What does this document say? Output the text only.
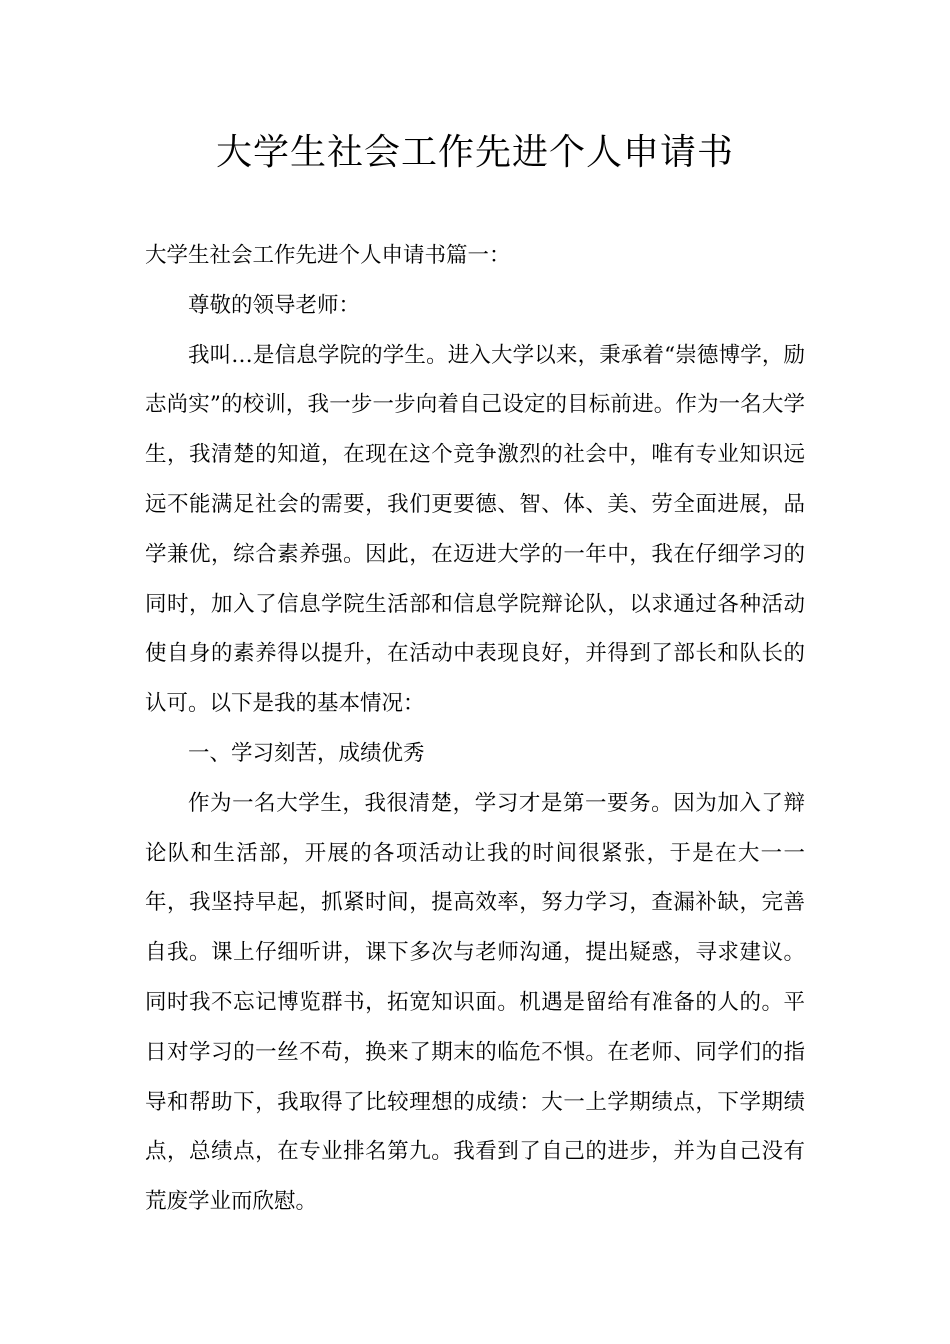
大学生社会工作先进个人申请书

大学生社会工作先进个人申请书篇一：

尊敬的领导老师：

我叫…是信息学院的学生。进入大学以来，秉承着“崇德博学，励志尚实”的校训，我一步一步向着自己设定的目标前进。作为一名大学生，我清楚的知道，在现在这个竞争激烈的社会中，唯有专业知识远远不能满足社会的需要，我们更要德、智、体、美、劳全面进展，品学兼优，综合素养强。因此，在迈进大学的一年中，我在仔细学习的同时，加入了信息学院生活部和信息学院辩论队，以求通过各种活动使自身的素养得以提升，在活动中表现良好，并得到了部长和队长的认可。以下是我的基本情况：

一、学习刻苦，成绩优秀

作为一名大学生，我很清楚，学习才是第一要务。因为加入了辩论队和生活部，开展的各项活动让我的时间很紧张，于是在大一一年，我坚持早起，抓紧时间，提高效率，努力学习，查漏补缺，完善自我。课上仔细听讲，课下多次与老师沟通，提出疑惑，寻求建议。同时我不忘记博览群书，拓宽知识面。机遇是留给有准备的人的。平日对学习的一丝不苟，换来了期末的临危不惧。在老师、同学们的指导和帮助下，我取得了比较理想的成绩：大一上学期绩点，下学期绩点，总绩点，在专业排名第九。我看到了自己的进步，并为自己没有荒废学业而欣慰。
